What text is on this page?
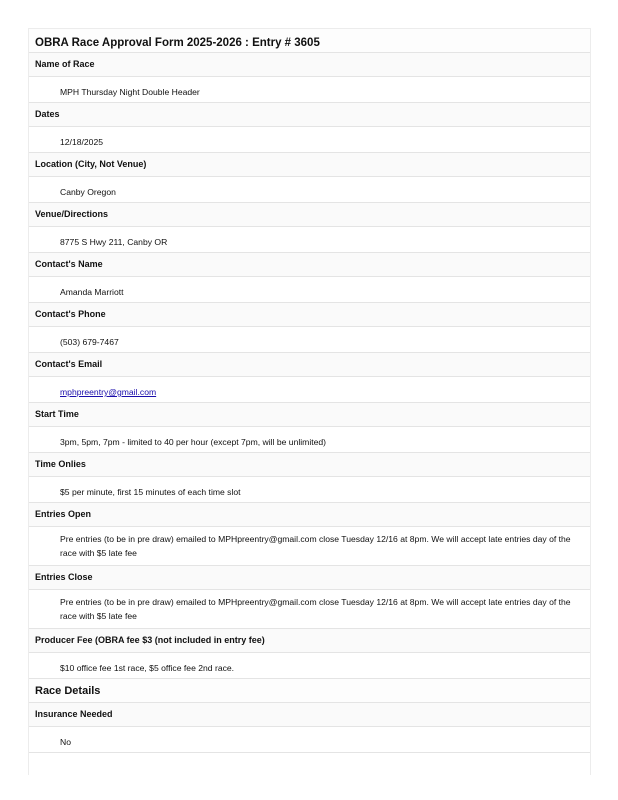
OBRA Race Approval Form 2025-2026 : Entry # 3605
Name of Race
MPH Thursday Night Double Header
Dates
12/18/2025
Location (City, Not Venue)
Canby Oregon
Venue/Directions
8775 S Hwy 211, Canby OR
Contact's Name
Amanda Marriott
Contact's Phone
(503) 679-7467
Contact's Email
mphpreentry@gmail.com
Start Time
3pm, 5pm, 7pm - limited to 40 per hour (except 7pm, will be unlimited)
Time Onlies
$5 per minute, first 15 minutes of each time slot
Entries Open
Pre entries (to be in pre draw) emailed to MPHpreentry@gmail.com close Tuesday 12/16 at 8pm. We will accept late entries day of the race with $5 late fee
Entries Close
Pre entries (to be in pre draw) emailed to MPHpreentry@gmail.com close Tuesday 12/16 at 8pm. We will accept late entries day of the race with $5 late fee
Producer Fee (OBRA fee $3 (not included in entry fee)
$10 office fee 1st race, $5 office fee 2nd race.
Race Details
Insurance Needed
No
